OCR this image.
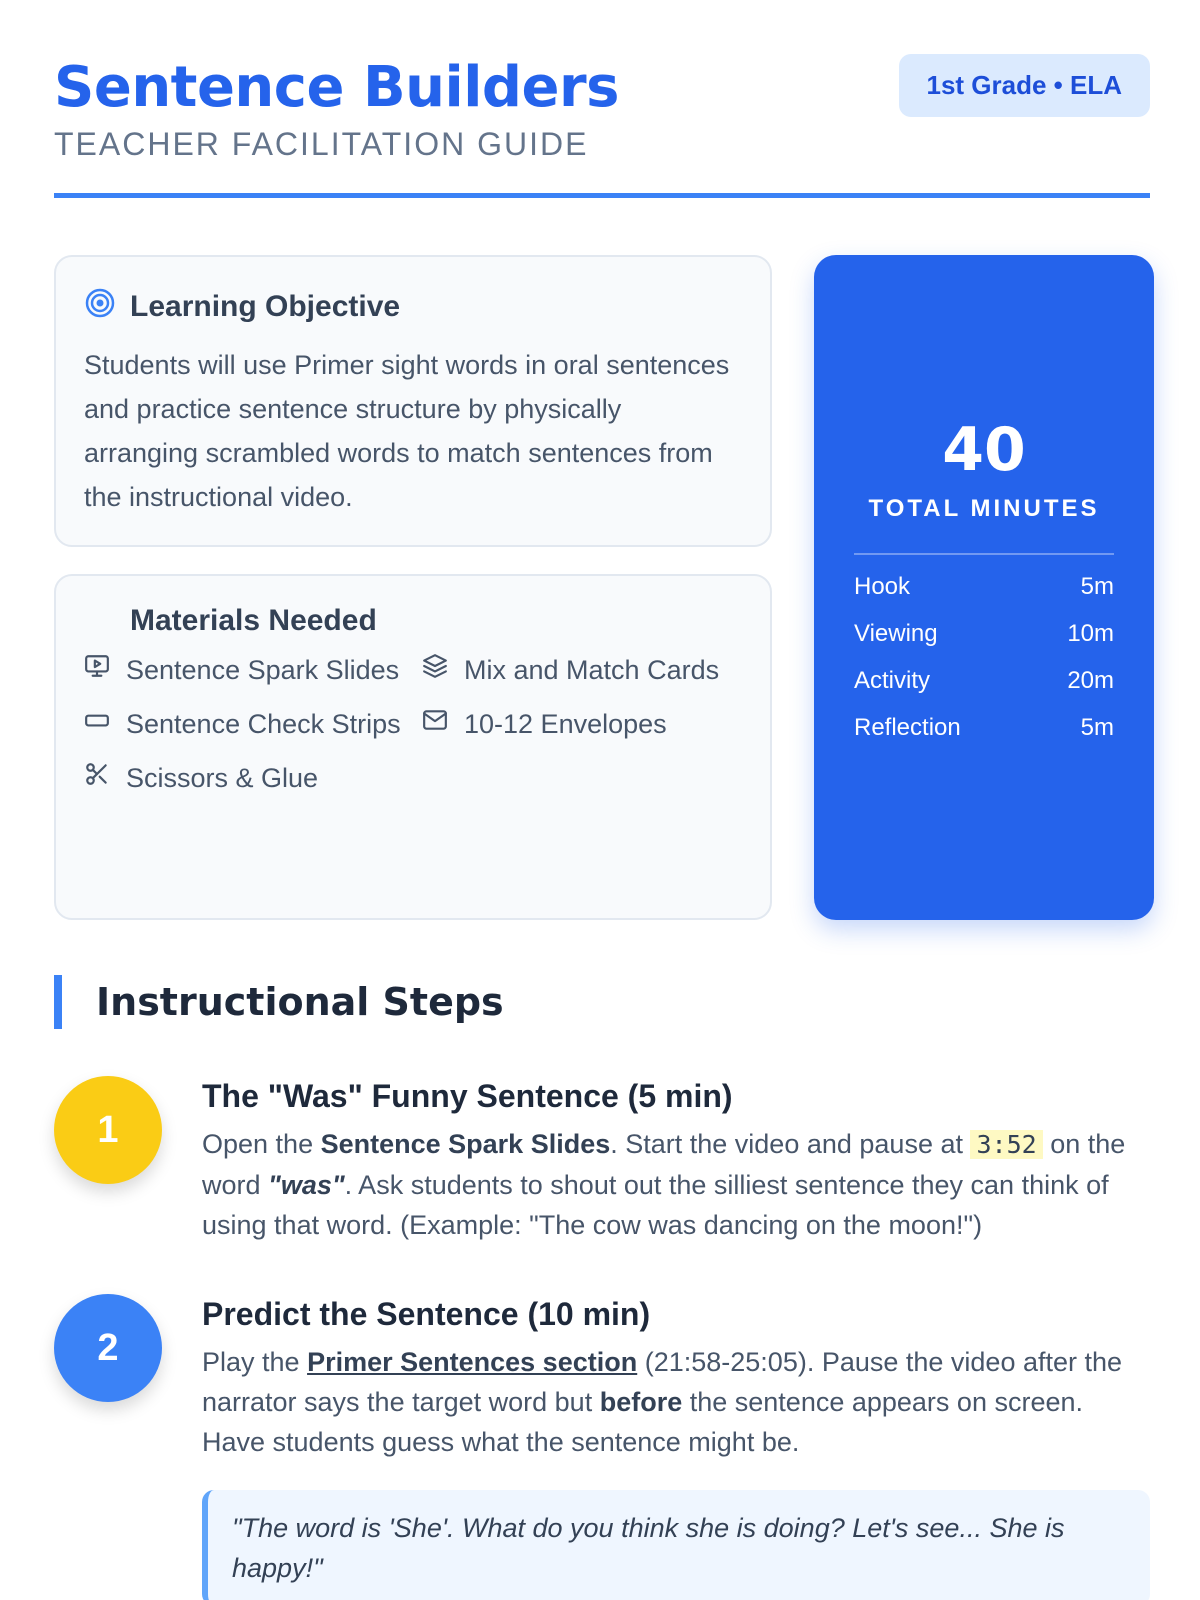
Sentence Builders
TEACHER FACILITATION GUIDE
1st Grade • ELA
Learning Objective

Students will use Primer sight words in oral sentences and practice sentence structure by physically arranging scrambled words to match sentences from the instructional video.

Materials Needed
Sentence Spark Slides Mix and Match Cards
Sentence Check Strips 10-12 Envelopes
Scissors & Glue
40
TOTAL MINUTES
Hook	5m
Viewing	10m
Activity	20m
Reflection	5m
Instructional Steps
1
The "Was" Funny Sentence (5 min)

Open the Sentence Spark Slides. Start the video and pause at 3:52 on the word "was". Ask students to shout out the silliest sentence they can think of using that word. (Example: "The cow was dancing on the moon!")

2
Predict the Sentence (10 min)

Play the Primer Sentences section (21:58-25:05). Pause the video after the narrator says the target word but before the sentence appears on screen. Have students guess what the sentence might be.

"The word is 'She'. What do you think she is doing? Let's see... She is happy!"
